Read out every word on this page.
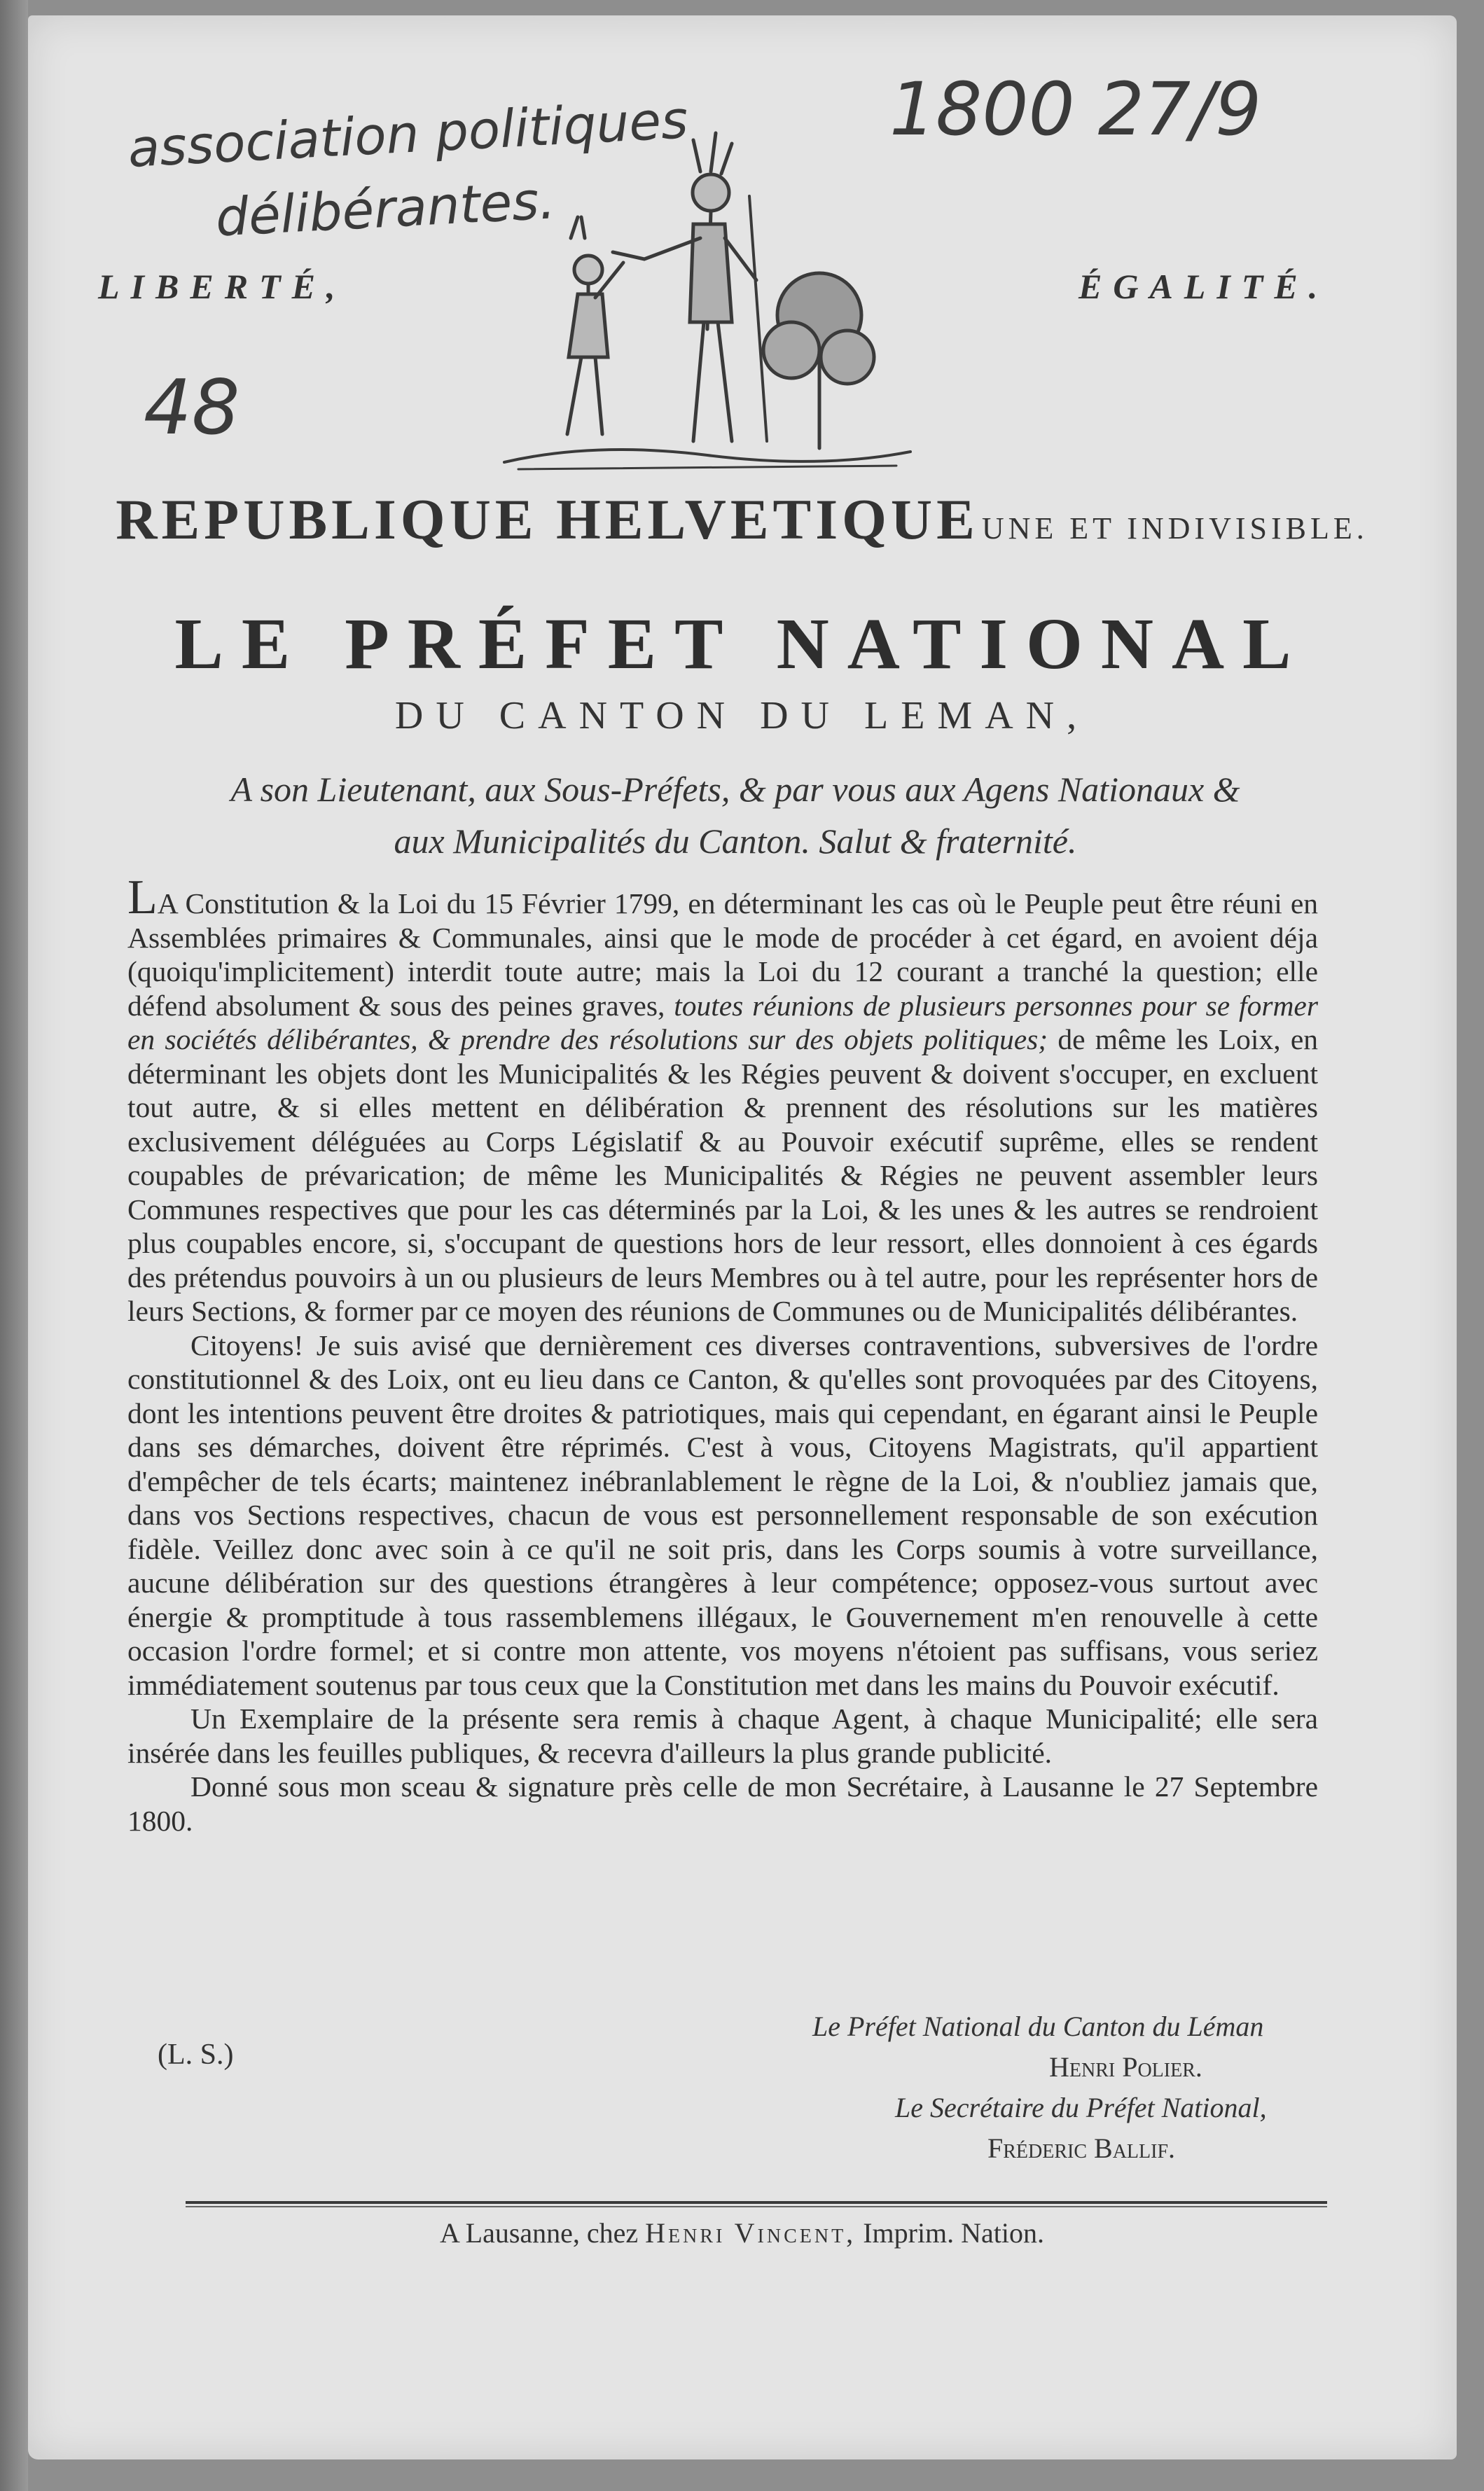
association politiques
délibérantes.
1800 27/9
48
LIBERTÉ,	ÉGALITÉ.
REPUBLIQUE HELVETIQUE UNE ET INDIVISIBLE.
LE PRÉFET NATIONAL
DU CANTON DU LEMAN,
A son Lieutenant, aux Sous-Préfets, & par vous aux Agens Nationaux &
aux Municipalités du Canton. Salut & fraternité.

LA Constitution & la Loi du 15 Février 1799, en déterminant les cas où le Peuple peut être réuni en Assemblées primaires & Communales, ainsi que le mode de procéder à cet égard, en avoient déja (quoiqu'implicitement) interdit toute autre; mais la Loi du 12 courant a tranché la question; elle défend absolument & sous des peines graves, toutes réunions de plusieurs personnes pour se former en sociétés délibérantes, & prendre des résolutions sur des objets politiques; de même les Loix, en déterminant les objets dont les Municipalités & les Régies peuvent & doivent s'occuper, en excluent tout autre, & si elles mettent en délibération & prennent des résolutions sur les matières exclusivement déléguées au Corps Législatif & au Pouvoir exécutif suprême, elles se rendent coupables de prévarication; de même les Municipalités & Régies ne peuvent assembler leurs Communes respectives que pour les cas déterminés par la Loi, & les unes & les autres se rendroient plus coupables encore, si, s'occupant de questions hors de leur ressort, elles donnoient à ces égards des prétendus pouvoirs à un ou plusieurs de leurs Membres ou à tel autre, pour les représenter hors de leurs Sections, & former par ce moyen des réunions de Communes ou de Municipalités délibérantes.

Citoyens! Je suis avisé que dernièrement ces diverses contraventions, subversives de l'ordre constitutionnel & des Loix, ont eu lieu dans ce Canton, & qu'elles sont provoquées par des Citoyens, dont les intentions peuvent être droites & patriotiques, mais qui cependant, en égarant ainsi le Peuple dans ses démarches, doivent être réprimés. C'est à vous, Citoyens Magistrats, qu'il appartient d'empêcher de tels écarts; maintenez inébranlablement le règne de la Loi, & n'oubliez jamais que, dans vos Sections respectives, chacun de vous est personnellement responsable de son exécution fidèle. Veillez donc avec soin à ce qu'il ne soit pris, dans les Corps soumis à votre surveillance, aucune délibération sur des questions étrangères à leur compétence; opposez-vous surtout avec énergie & promptitude à tous rassemblemens illégaux, le Gouvernement m'en renouvelle à cette occasion l'ordre formel; et si contre mon attente, vos moyens n'étoient pas suffisans, vous seriez immédiatement soutenus par tous ceux que la Constitution met dans les mains du Pouvoir exécutif.

Un Exemplaire de la présente sera remis à chaque Agent, à chaque Municipalité; elle sera insérée dans les feuilles publiques, & recevra d'ailleurs la plus grande publicité.

Donné sous mon sceau & signature près celle de mon Secrétaire, à Lausanne le 27 Septembre 1800.

(L. S.)
Le Préfet National du Canton du Léman
Henri Polier.
Le Secrétaire du Préfet National,
Fréderic Ballif.
A Lausanne, chez Henri Vincent, Imprim. Nation.
